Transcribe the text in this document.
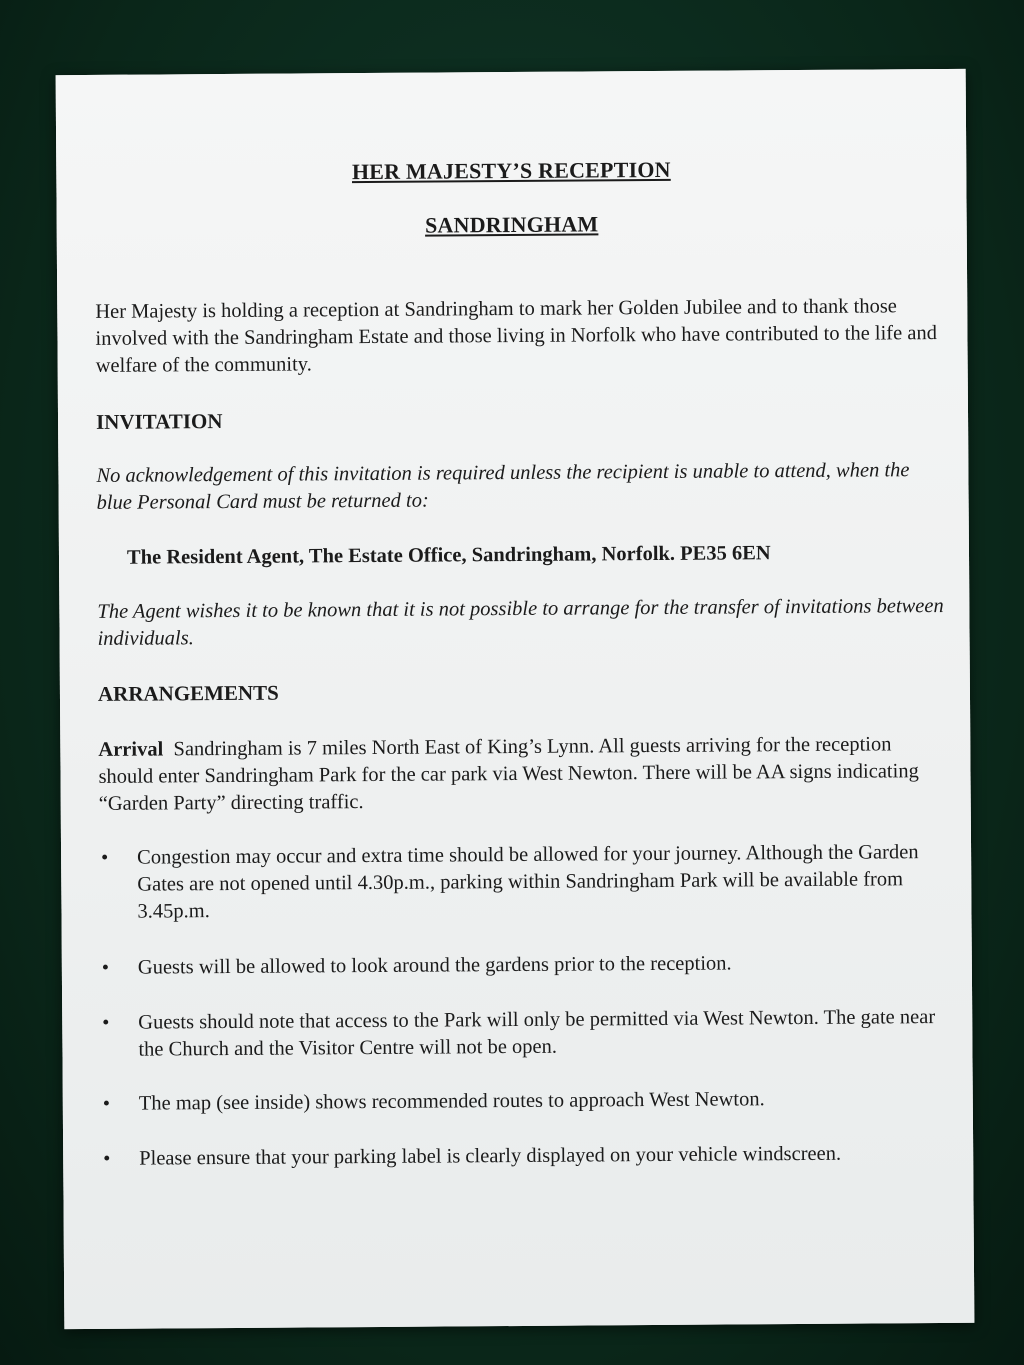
HER MAJESTY’S RECEPTION
SANDRINGHAM

Her Majesty is holding a reception at Sandringham to mark her Golden Jubilee and to thank those involved with the Sandringham Estate and those living in Norfolk who have contributed to the life and welfare of the community.

INVITATION

No acknowledgement of this invitation is required unless the recipient is unable to attend, when the blue Personal Card must be returned to:

The Resident Agent, The Estate Office, Sandringham, Norfolk. PE35 6EN

The Agent wishes it to be known that it is not possible to arrange for the transfer of invitations between individuals.

ARRANGEMENTS

Arrival Sandringham is 7 miles North East of King’s Lynn. All guests arriving for the reception should enter Sandringham Park for the car park via West Newton. There will be AA signs indicating “Garden Party” directing traffic.

• Congestion may occur and extra time should be allowed for your journey. Although the Garden Gates are not opened until 4.30p.m., parking within Sandringham Park will be available from 3.45p.m.
• Guests will be allowed to look around the gardens prior to the reception.
• Guests should note that access to the Park will only be permitted via West Newton. The gate near the Church and the Visitor Centre will not be open.
• The map (see inside) shows recommended routes to approach West Newton.
• Please ensure that your parking label is clearly displayed on your vehicle windscreen.
